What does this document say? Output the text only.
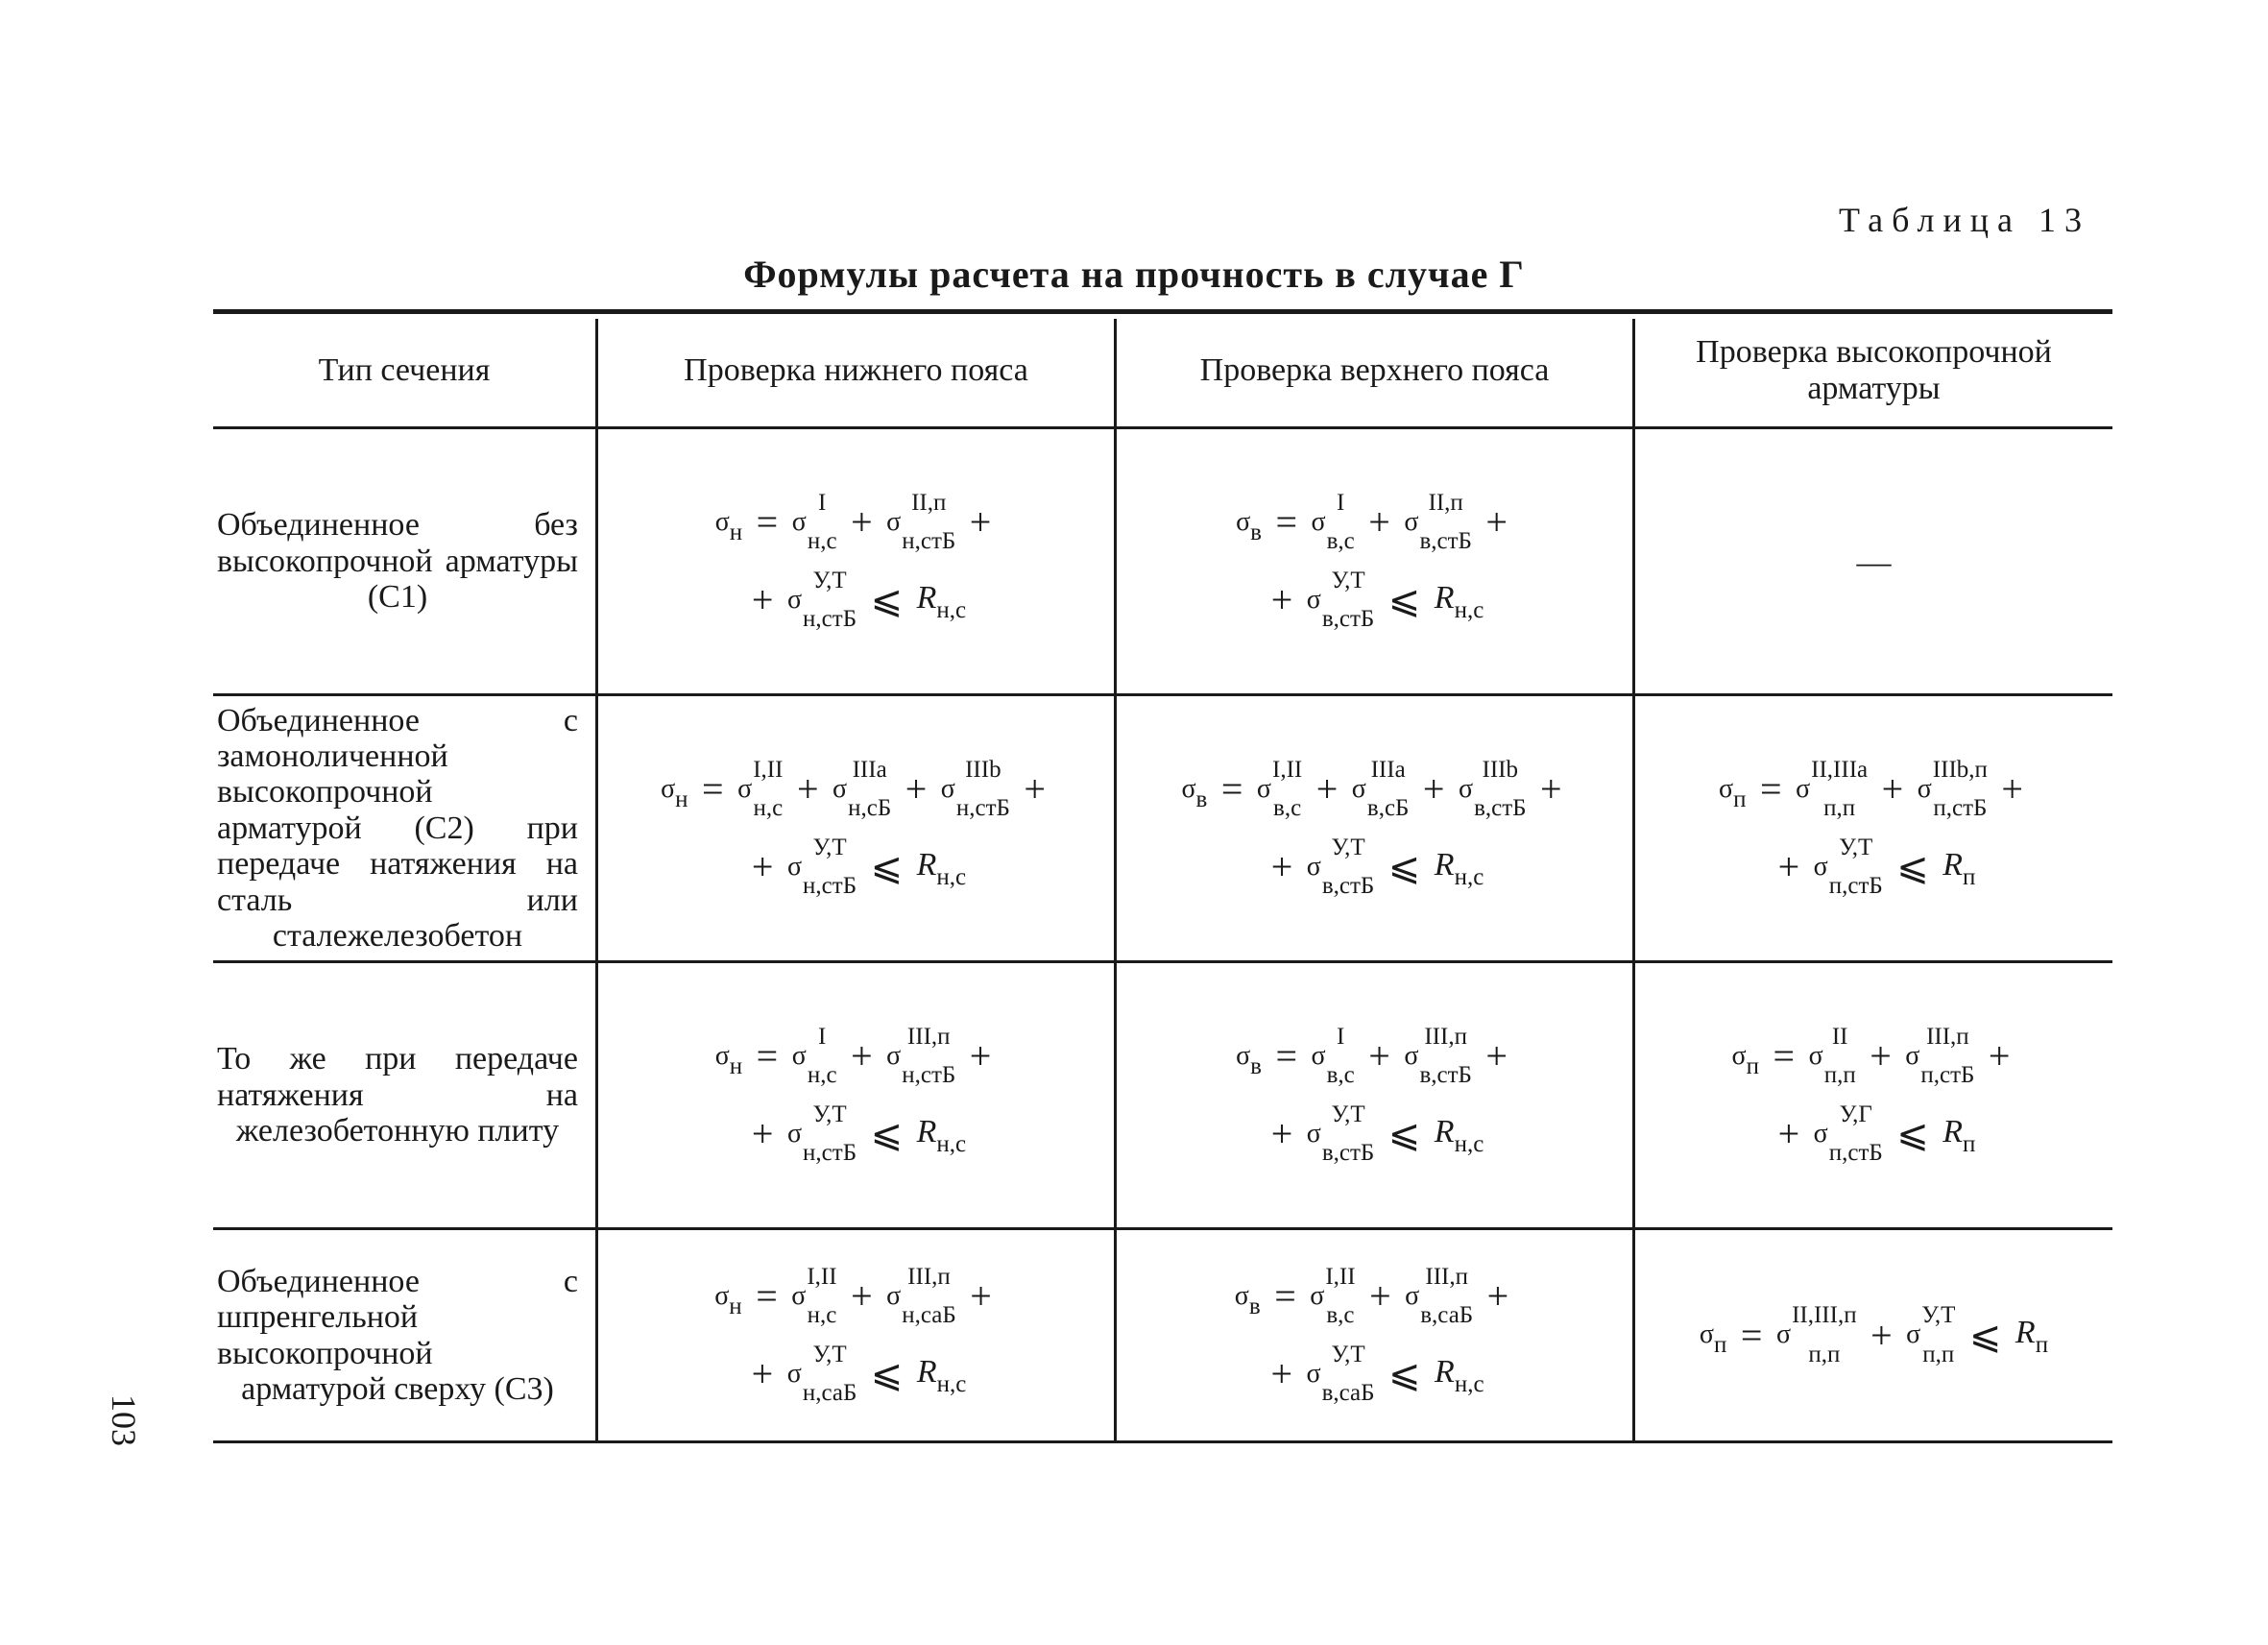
Таблица 13
Формулы расчета на прочность в случае Г
103
Тип сечения	Проверка нижнего пояса	Проверка верхнего пояса
Проверка высокопрочной арматуры
Объединенное без высокопрочной арматуры (С1)
$\sigma_н = \sigma$
I
н,с + σ
II,п
н,стБ +
+ σ
У,Т
н,стБ ⩽ $R_{н,с}$
$\sigma_в = \sigma$
I
в,с + σ
II,п
в,стБ +
+ σ
У,Т
в,стБ ⩽ $R_{н,с}$
—
Объединенное с замоноличенной высокопрочной арматурой (С2) при передаче натяжения на сталь или сталежелезобетон
$\sigma_н = \sigma$
I,II
н,с + σ
IIIa
н,сБ + σ
IIIb
н,стБ +
+ σ
У,Т
н,стБ ⩽ $R_{н,с}$
$\sigma_в = \sigma$
I,II
в,с + σ
IIIa
в,сБ + σ
IIIb
в,стБ +
+ σ
У,Т
в,стБ ⩽ $R_{н,с}$
$\sigma_п = \sigma$
II,IIIa
п,п + σ
IIIb,п
п,стБ +
+ σ
У,Т
п,стБ ⩽ $R_п$
То же при передаче натяжения на железобетонную плиту
$\sigma_н = \sigma$
I
н,с + σ
III,п
н,стБ +
+ σ
У,Т
н,стБ ⩽ $R_{н,с}$
$\sigma_в = \sigma$
I
в,с + σ
III,п
в,стБ +
+ σ
У,Т
в,стБ ⩽ $R_{н,с}$
$\sigma_п = \sigma$
II
п,п + σ
III,п
п,стБ +
+ σ
У,Г
п,стБ ⩽ $R_п$
Объединенное с шпренгельной высокопрочной арматурой сверху (С3)
$\sigma_н = \sigma$
I,II
н,с + σ
III,п
н,саБ +
+ σ
У,Т
н,саБ ⩽ $R_{н,с}$
$\sigma_в = \sigma$
I,II
в,с + σ
III,п
в,саБ +
+ σ
У,Т
в,саБ ⩽ $R_{н,с}$
$\sigma_п = \sigma$
II,III,п
п,п + σ
У,Т
п,п ⩽ $R_п$
